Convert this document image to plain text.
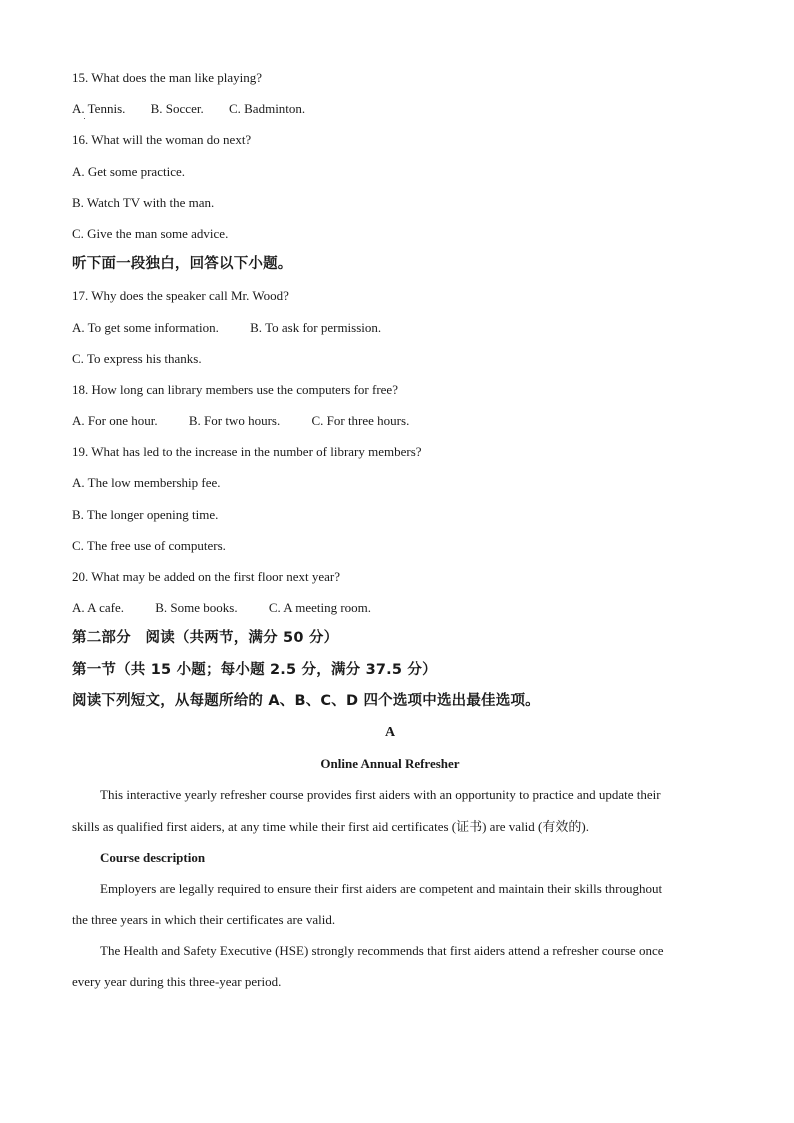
15. What does the man like playing?
A. Tennis. B. Soccer. C. Badminton.
16. What will the woman do next?
A. Get some practice.
B. Watch TV with the man.
C. Give the man some advice.
听下面一段独白，回答以下小题。
17. Why does the speaker call Mr. Wood?
A. To get some information. B. To ask for permission.
C. To express his thanks.
18. How long can library members use the computers for free?
A. For one hour. B. For two hours. C. For three hours.
19. What has led to the increase in the number of library members?
A. The low membership fee.
B. The longer opening time.
C. The free use of computers.
20. What may be added on the first floor next year?
A. A cafe. B. Some books. C. A meeting room.
第二部分　阅读（共两节，满分 50 分）
第一节（共 15 小题；每小题 2.5 分，满分 37.5 分）
阅读下列短文，从每题所给的 A、B、C、D 四个选项中选出最佳选项。
A
Online Annual Refresher
This interactive yearly refresher course provides first aiders with an opportunity to practice and update their
skills as qualified first aiders, at any time while their first aid certificates (证书) are valid (有效的).
Course description
Employers are legally required to ensure their first aiders are competent and maintain their skills throughout
the three years in which their certificates are valid.
The Health and Safety Executive (HSE) strongly recommends that first aiders attend a refresher course once
every year during this three-year period.
